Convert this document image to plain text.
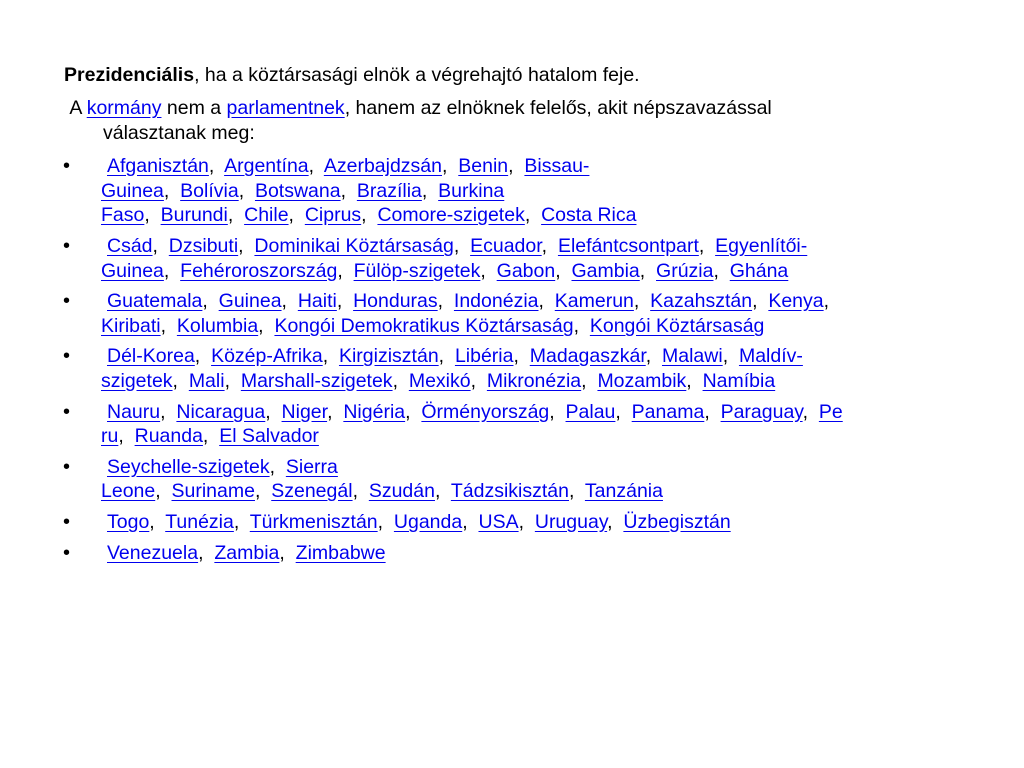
Prezidenciális, ha a köztársasági elnök a végrehajtó hatalom feje.
A kormány nem a parlamentnek, hanem az elnöknek felelős, akit népszavazással
választanak meg:
• Afganisztán,  Argentína,  Azerbajdzsán,  Benin,  Bissau-
Guinea,  Bolívia,  Botswana,  Brazília,  Burkina
Faso,  Burundi,  Chile,  Ciprus,  Comore-szigetek,  Costa Rica
• Csád,  Dzsibuti,  Dominikai Köztársaság,  Ecuador,  Elefántcsontpart,  Egyenlítői-
Guinea,  Fehéroroszország,  Fülöp-szigetek,  Gabon,  Gambia,  Grúzia,  Ghána
• Guatemala,  Guinea,  Haiti,  Honduras,  Indonézia,  Kamerun,  Kazahsztán,  Kenya,
Kiribati,  Kolumbia,  Kongói Demokratikus Köztársaság,  Kongói Köztársaság
• Dél-Korea,  Közép-Afrika,  Kirgizisztán,  Libéria,  Madagaszkár,  Malawi,  Maldív-
szigetek,  Mali,  Marshall-szigetek,  Mexikó,  Mikronézia,  Mozambik,  Namíbia
• Nauru,  Nicaragua,  Niger,  Nigéria,  Örményország,  Palau,  Panama,  Paraguay,  Pe
ru,  Ruanda,  El Salvador
• Seychelle-szigetek,  Sierra
Leone,  Suriname,  Szenegál,  Szudán,  Tádzsikisztán,  Tanzánia
• Togo,  Tunézia,  Türkmenisztán,  Uganda,  USA,  Uruguay,  Üzbegisztán
• Venezuela,  Zambia,  Zimbabwe
